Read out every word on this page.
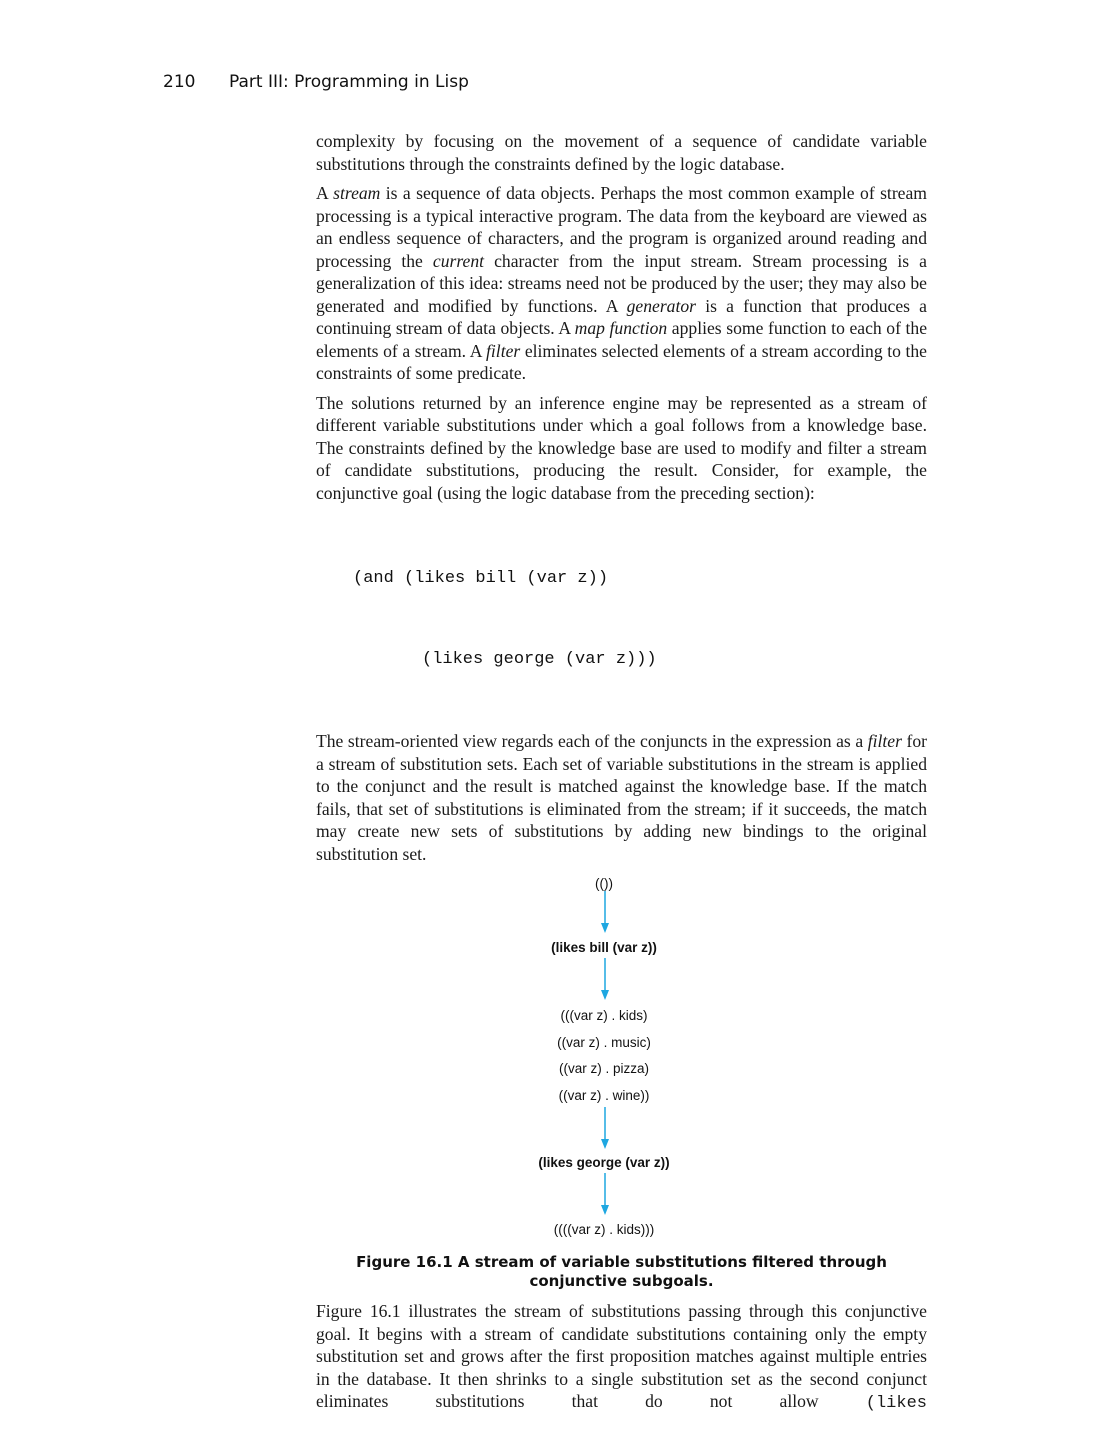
210 Part III: Programming in Lisp

complexity by focusing on the movement of a sequence of candidate variable substitutions through the constraints defined by the logic database.

A stream is a sequence of data objects. Perhaps the most common example of stream processing is a typical interactive program. The data from the keyboard are viewed as an endless sequence of characters, and the program is organized around reading and processing the current character from the input stream. Stream processing is a generalization of this idea: streams need not be produced by the user; they may also be generated and modified by functions. A generator is a function that produces a continuing stream of data objects. A map function applies some function to each of the elements of a stream. A filter eliminates selected elements of a stream according to the constraints of some predicate.

The solutions returned by an inference engine may be represented as a stream of different variable substitutions under which a goal follows from a knowledge base. The constraints defined by the knowledge base are used to modify and filter a stream of candidate substitutions, producing the result. Consider, for example, the conjunctive goal (using the logic database from the preceding section):

(and (likes bill (var z))

(likes george (var z)))

The stream-oriented view regards each of the conjuncts in the expression as a filter for a stream of substitution sets. Each set of variable substitutions in the stream is applied to the conjunct and the result is matched against the knowledge base. If the match fails, that set of substitutions is eliminated from the stream; if it succeeds, the match may create new sets of substitutions by adding new bindings to the original substitution set.

(())
(likes bill (var z))
(((var z) . kids)
((var z) . music)
((var z) . pizza)
((var z) . wine))
(likes george (var z))
((((var z) . kids)))
Figure 16.1 A stream of variable substitutions filtered through
conjunctive subgoals.

Figure 16.1 illustrates the stream of substitutions passing through this conjunctive goal. It begins with a stream of candidate substitutions containing only the empty substitution set and grows after the first proposition matches against multiple entries in the database. It then shrinks to a single substitution set as the second conjunct eliminates substitutions that do not allow (likes
